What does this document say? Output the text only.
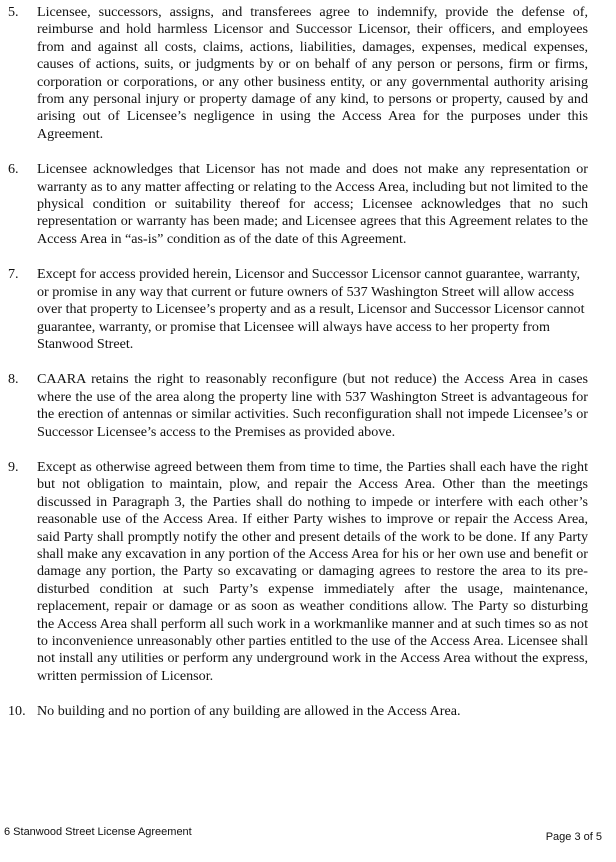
5.	Licensee, successors, assigns, and transferees agree to indemnify, provide the defense of, reimburse and hold harmless Licensor and Successor Licensor, their officers, and employees from and against all costs, claims, actions, liabilities, damages, expenses, medical expenses, causes of actions, suits, or judgments by or on behalf of any person or persons, firm or firms, corporation or corporations, or any other business entity, or any governmental authority arising from any personal injury or property damage of any kind, to persons or property, caused by and arising out of Licensee’s negligence in using the Access Area for the purposes under this Agreement.
6.	Licensee acknowledges that Licensor has not made and does not make any representation or warranty as to any matter affecting or relating to the Access Area, including but not limited to the physical condition or suitability thereof for access; Licensee acknowledges that no such representation or warranty has been made; and Licensee agrees that this Agreement relates to the Access Area in “as-is” condition as of the date of this Agreement.
7.	Except for access provided herein, Licensor and Successor Licensor cannot guarantee, warranty, or promise in any way that current or future owners of 537 Washington Street will allow access over that property to Licensee’s property and as a result, Licensor and Successor Licensor cannot guarantee, warranty, or promise that Licensee will always have access to her property from Stanwood Street.
8.	CAARA retains the right to reasonably reconfigure (but not reduce) the Access Area in cases where the use of the area along the property line with 537 Washington Street is advantageous for the erection of antennas or similar activities. Such reconfiguration shall not impede Licensee’s or Successor Licensee’s access to the Premises as provided above.
9.	Except as otherwise agreed between them from time to time, the Parties shall each have the right but not obligation to maintain, plow, and repair the Access Area. Other than the meetings discussed in Paragraph 3, the Parties shall do nothing to impede or interfere with each other’s reasonable use of the Access Area. If either Party wishes to improve or repair the Access Area, said Party shall promptly notify the other and present details of the work to be done. If any Party shall make any excavation in any portion of the Access Area for his or her own use and benefit or damage any portion, the Party so excavating or damaging agrees to restore the area to its pre-disturbed condition at such Party’s expense immediately after the usage, maintenance, replacement, repair or damage or as soon as weather conditions allow. The Party so disturbing the Access Area shall perform all such work in a workmanlike manner and at such times so as not to inconvenience unreasonably other parties entitled to the use of the Access Area. Licensee shall not install any utilities or perform any underground work in the Access Area without the express, written permission of Licensor.
10. No building and no portion of any building are allowed in the Access Area.
6 Stanwood Street License Agreement	Page 3 of 5
